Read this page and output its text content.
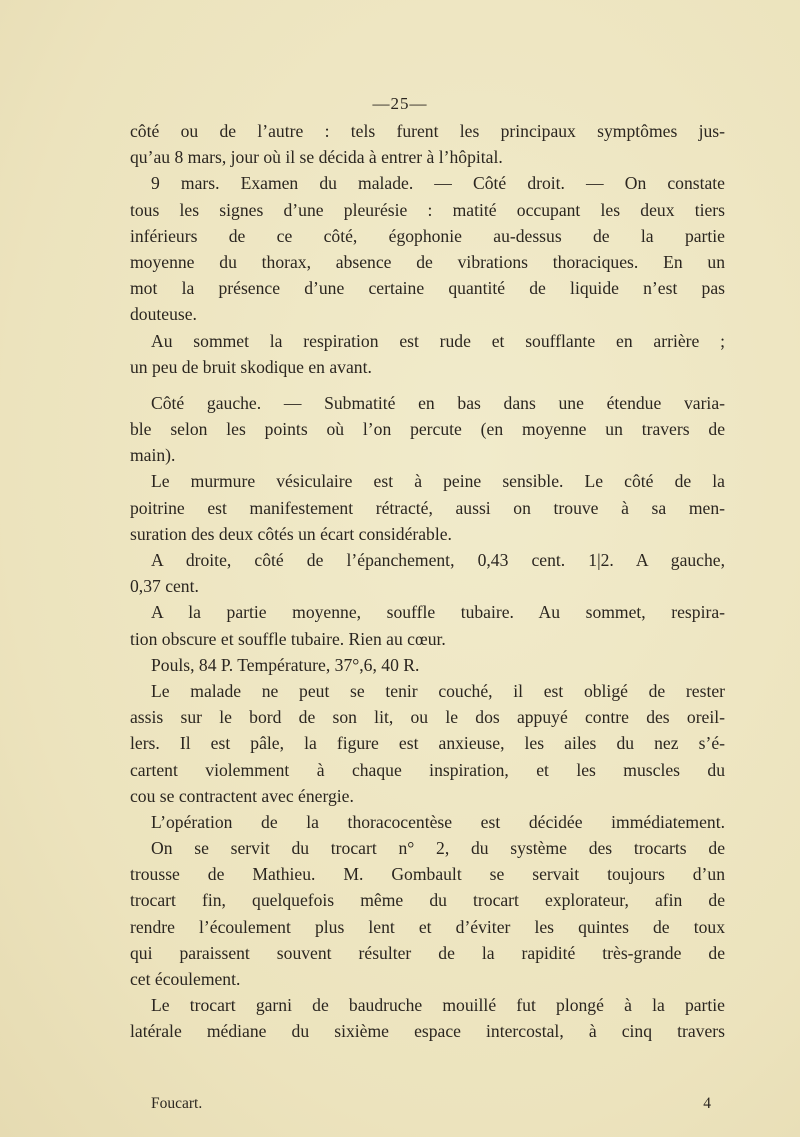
—25—
côté ou de l’autre : tels furent les principaux symptômes jus-
qu’au 8 mars, jour où il se décida à entrer à l’hôpital.
9 mars. Examen du malade. — Côté droit. — On constate
tous les signes d’une pleurésie : matité occupant les deux tiers
inférieurs de ce côté, égophonie au-dessus de la partie
moyenne du thorax, absence de vibrations thoraciques. En un
mot la présence d’une certaine quantité de liquide n’est pas
douteuse.
Au sommet la respiration est rude et soufflante en arrière ;
un peu de bruit skodique en avant.
Côté gauche. — Submatité en bas dans une étendue varia-
ble selon les points où l’on percute (en moyenne un travers de
main).
Le murmure vésiculaire est à peine sensible. Le côté de la
poitrine est manifestement rétracté, aussi on trouve à sa men-
suration des deux côtés un écart considérable.
A droite, côté de l’épanchement, 0,43 cent. 1|2. A gauche,
0,37 cent.
A la partie moyenne, souffle tubaire. Au sommet, respira-
tion obscure et souffle tubaire. Rien au cœur.
Pouls, 84 P. Température, 37°,6, 40 R.
Le malade ne peut se tenir couché, il est obligé de rester
assis sur le bord de son lit, ou le dos appuyé contre des oreil-
lers. Il est pâle, la figure est anxieuse, les ailes du nez s’é-
cartent violemment à chaque inspiration, et les muscles du
cou se contractent avec énergie.
L’opération de la thoracocentèse est décidée immédiatement.
On se servit du trocart n° 2, du système des trocarts de
trousse de Mathieu. M. Gombault se servait toujours d’un
trocart fin, quelquefois même du trocart explorateur, afin de
rendre l’écoulement plus lent et d’éviter les quintes de toux
qui paraissent souvent résulter de la rapidité très-grande de
cet écoulement.
Le trocart garni de baudruche mouillé fut plongé à la partie
latérale médiane du sixième espace intercostal, à cinq travers
Foucart.	4
